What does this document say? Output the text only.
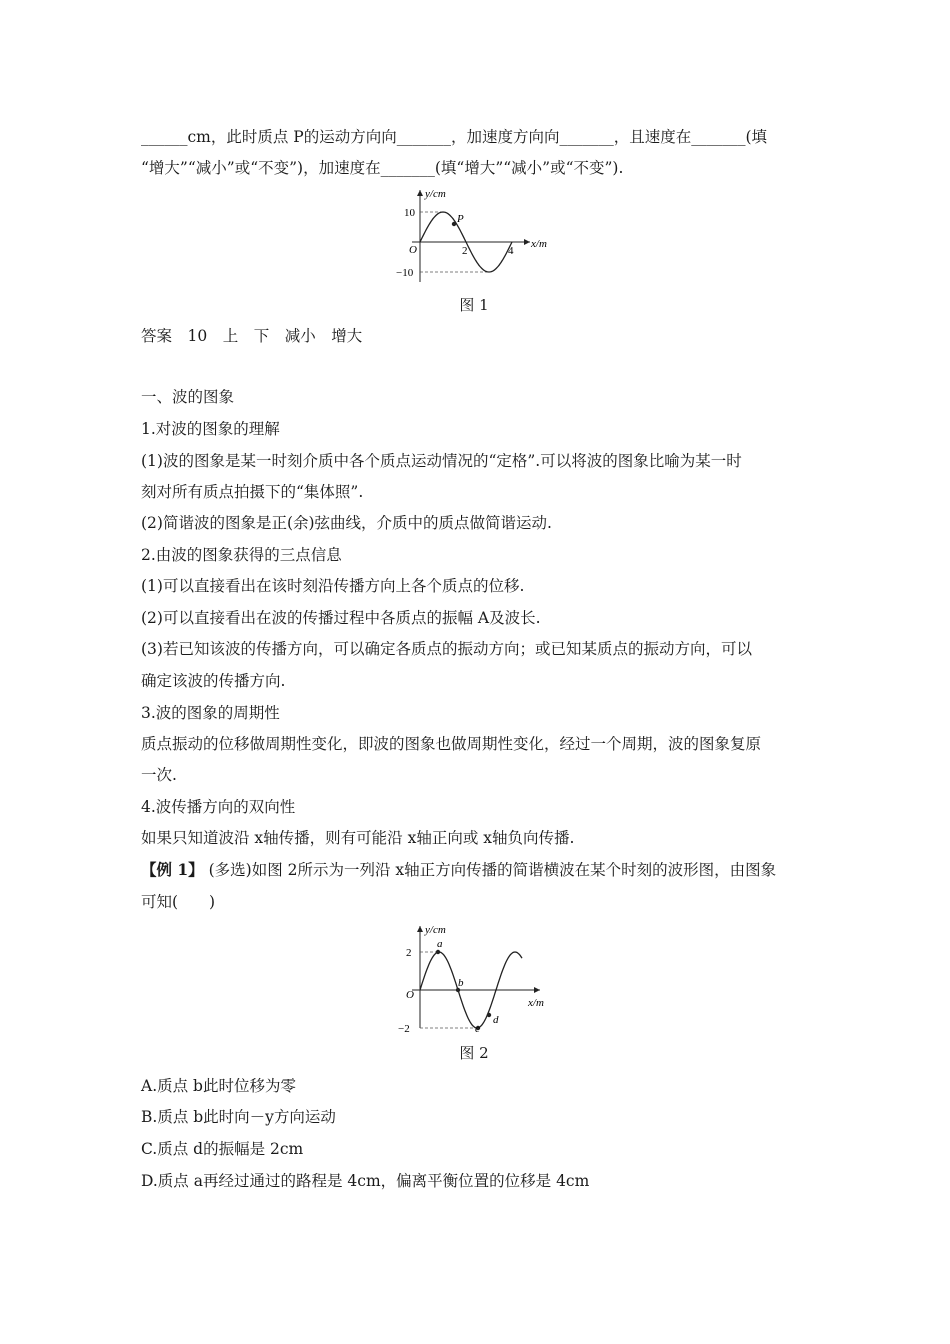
______cm，此时质点 P的运动方向向_______，加速度方向向_______，且速度在_______(填
“增大”“减小”或“不变”)，加速度在_______(填“增大”“减小”或“不变”).
y/cm
x/m
O
10
−10
2	4
P
图 1
答案　10　上　下　减小　增大
一、波的图象
1.对波的图象的理解
(1)波的图象是某一时刻介质中各个质点运动情况的“定格”.可以将波的图象比喻为某一时
刻对所有质点拍摄下的“集体照”.
(2)简谐波的图象是正(余)弦曲线，介质中的质点做简谐运动.
2.由波的图象获得的三点信息
(1)可以直接看出在该时刻沿传播方向上各个质点的位移.
(2)可以直接看出在波的传播过程中各质点的振幅 A及波长.
(3)若已知该波的传播方向，可以确定各质点的振动方向；或已知某质点的振动方向，可以
确定该波的传播方向.
3.波的图象的周期性
质点振动的位移做周期性变化，即波的图象也做周期性变化，经过一个周期，波的图象复原
一次.
4.波传播方向的双向性
如果只知道波沿 x轴传播，则有可能沿 x轴正向或 x轴负向传播.
【例 1】 (多选)如图 2所示为一列沿 x轴正方向传播的简谐横波在某个时刻的波形图，由图象
可知(　　)
y/cm
x/m
O
2
−2
a
b
c
d
图 2
A.质点 b此时位移为零
B.质点 b此时向－y方向运动
C.质点 d的振幅是 2cm
D.质点 a再经过通过的路程是 4cm，偏离平衡位置的位移是 4cm
